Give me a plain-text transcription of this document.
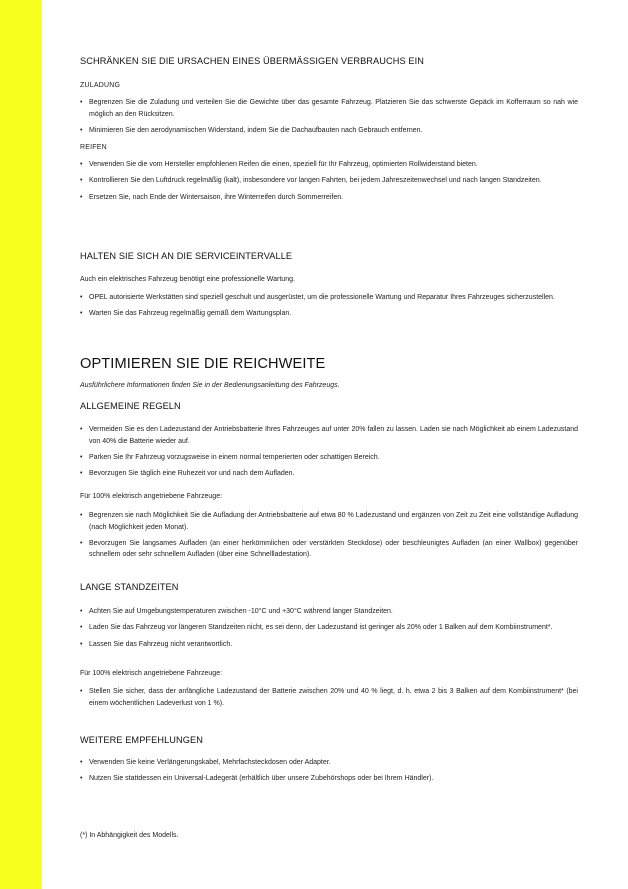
SCHRÄNKEN SIE DIE URSACHEN EINES ÜBERMÄSSIGEN VERBRAUCHS EIN
ZULADUNG
• Begrenzen Sie die Zuladung und verteilen Sie die Gewichte über das gesamte Fahrzeug. Platzieren Sie das schwerste Gepäck im Kofferraum so nah wie möglich an den Rücksitzen.
• Minimieren Sie den aerodynamischen Widerstand, indem Sie die Dachaufbauten nach Gebrauch entfernen.
REIFEN
• Verwenden Sie die vom Hersteller empfohlenen Reifen die einen, speziell für Ihr Fahrzeug, optimierten Rollwiderstand bieten.
• Kontrollieren Sie den Luftdruck regelmäßig (kalt), insbesondere vor langen Fahrten, bei jedem Jahreszeitenwechsel und nach langen Standzeiten.
• Ersetzen Sie, nach Ende der Wintersaison, ihre Winterreifen durch Sommerreifen.
HALTEN SIE SICH AN DIE SERVICEINTERVALLE
Auch ein elektrisches Fahrzeug benötigt eine professionelle Wartung.
• OPEL autorisierte Werkstätten sind speziell geschult und ausgerüstet, um die professionelle Wartung und Reparatur Ihres Fahrzeuges sicherzustellen.
• Warten Sie das Fahrzeug regelmäßig gemäß dem Wartungsplan.
OPTIMIEREN SIE DIE REICHWEITE
Ausführlichere Informationen finden Sie in der Bedienungsanleitung des Fahrzeugs.
ALLGEMEINE REGELN
• Vermeiden Sie es den Ladezustand der Antriebsbatterie Ihres Fahrzeuges auf unter 20% fallen zu lassen. Laden sie nach Möglichkeit ab einem Ladezustand von 40% die Batterie wieder auf.
• Parken Sie Ihr Fahrzeug vorzugsweise in einem normal temperierten oder schattigen Bereich.
• Bevorzugen Sie täglich eine Ruhezeit vor und nach dem Aufladen.
Für 100% elektrisch angetriebene Fahrzeuge:
• Begrenzen sie nach Möglichkeit Sie die Aufladung der Antriebsbatterie auf etwa 80 % Ladezustand und ergänzen von Zeit zu Zeit eine vollständige Aufladung (nach Möglichkeit jeden Monat).
• Bevorzugen Sie langsames Aufladen (an einer herkömmlichen oder verstärkten Steckdose) oder beschleunigtes Aufladen (an einer Wallbox) gegenüber schnellem oder sehr schnellem Aufladen (über eine Schnellladestation).
LANGE STANDZEITEN
• Achten Sie auf Umgebungstemperaturen zwischen -10°C und +30°C während langer Standzeiten.
• Laden Sie das Fahrzeug vor längeren Standzeiten nicht, es sei denn, der Ladezustand ist geringer als 20% oder 1 Balken auf dem Kombiinstrument*.
• Lassen Sie das Fahrzeug nicht verantwortlich.
Für 100% elektrisch angetriebene Fahrzeuge:
• Stellen Sie sicher, dass der anfängliche Ladezustand der Batterie zwischen 20% und 40 % liegt, d. h. etwa 2 bis 3 Balken auf dem Kombiinstrument* (bei einem wöchentlichen Ladeverlust von 1 %).
WEITERE EMPFEHLUNGEN
• Verwenden Sie keine Verlängerungskabel, Mehrfachsteckdosen oder Adapter.
• Nutzen Sie stattdessen ein Universal-Ladegerät (erhältlich über unsere Zubehörshops oder bei Ihrem Händler).
(*) In Abhängigkeit des Modells.
